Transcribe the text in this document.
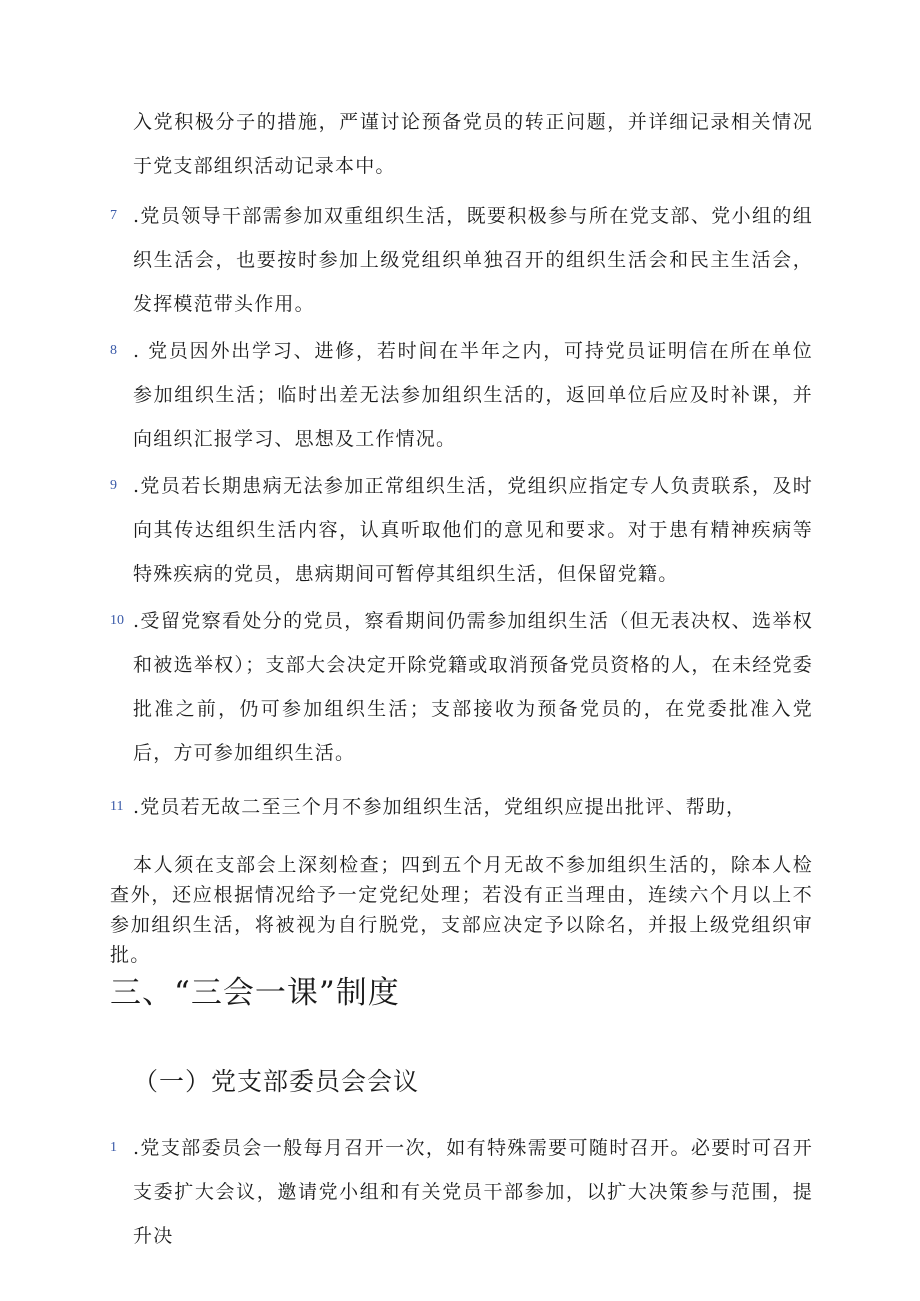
入党积极分子的措施，严谨讨论预备党员的转正问题，并详细记录相关情况于党支部组织活动记录本中。
7 .党员领导干部需参加双重组织生活，既要积极参与所在党支部、党小组的组织生活会，也要按时参加上级党组织单独召开的组织生活会和民主生活会，发挥模范带头作用。
8 . 党员因外出学习、进修，若时间在半年之内，可持党员证明信在所在单位参加组织生活；临时出差无法参加组织生活的，返回单位后应及时补课，并向组织汇报学习、思想及工作情况。
9 .党员若长期患病无法参加正常组织生活，党组织应指定专人负责联系，及时向其传达组织生活内容，认真听取他们的意见和要求。对于患有精神疾病等特殊疾病的党员，患病期间可暂停其组织生活，但保留党籍。
10 .受留党察看处分的党员，察看期间仍需参加组织生活（但无表决权、选举权和被选举权）；支部大会决定开除党籍或取消预备党员资格的人，在未经党委批准之前，仍可参加组织生活；支部接收为预备党员的，在党委批准入党后，方可参加组织生活。
11 .党员若无故二至三个月不参加组织生活，党组织应提出批评、帮助，
本人须在支部会上深刻检查；四到五个月无故不参加组织生活的，除本人检查外，还应根据情况给予一定党纪处理；若没有正当理由，连续六个月以上不参加组织生活，将被视为自行脱党，支部应决定予以除名，并报上级党组织审批。
三、“三会一课”制度
（一）党支部委员会会议
1 .党支部委员会一般每月召开一次，如有特殊需要可随时召开。必要时可召开支委扩大会议，邀请党小组和有关党员干部参加，以扩大决策参与范围，提升决
